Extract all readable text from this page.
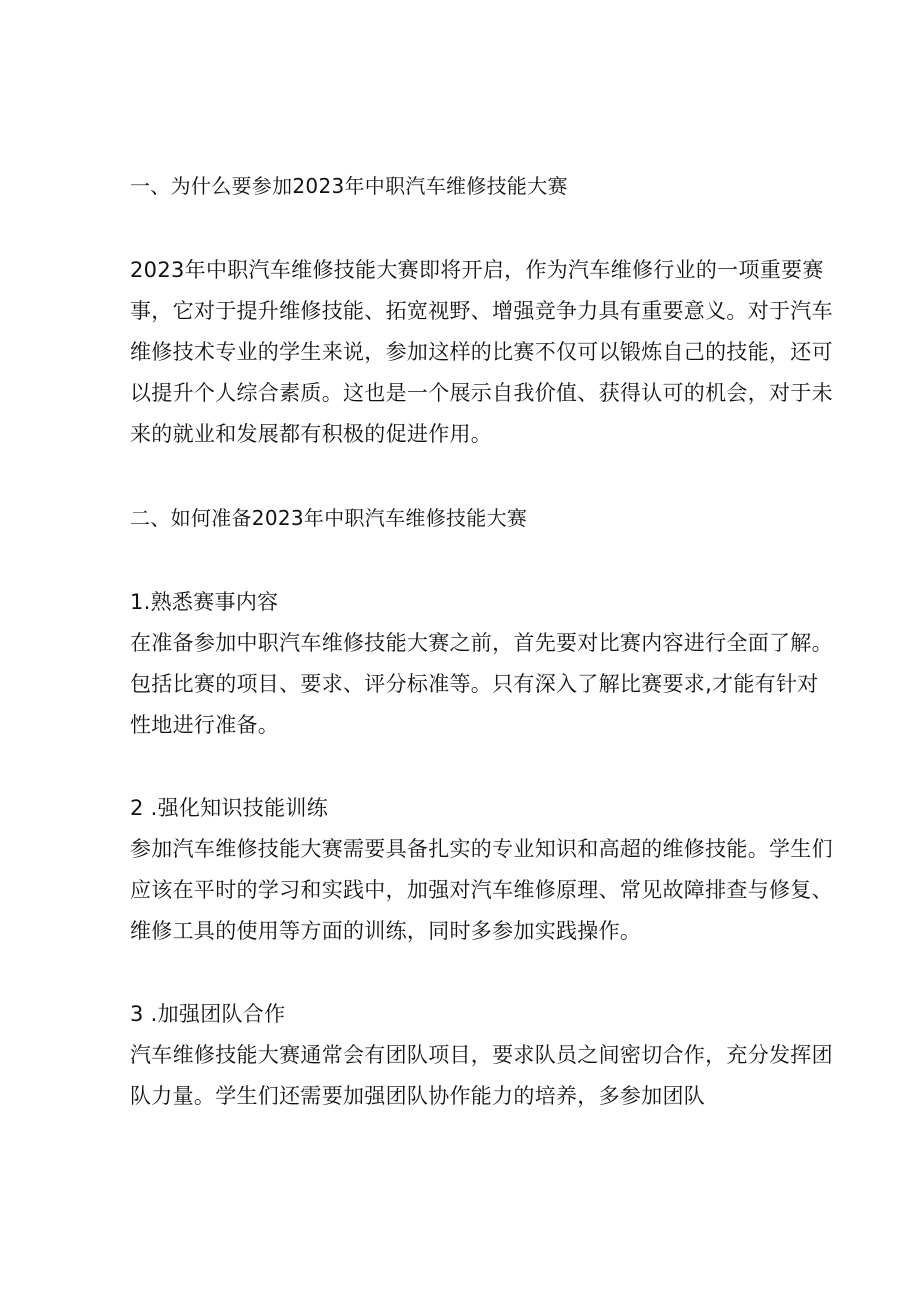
一、为什么要参加2023年中职汽车维修技能大赛

2023年中职汽车维修技能大赛即将开启，作为汽车维修行业的一项重要赛

事，它对于提升维修技能、拓宽视野、增强竞争力具有重要意义。对于汽车

维修技术专业的学生来说，参加这样的比赛不仅可以锻炼自己的技能，还可

以提升个人综合素质。这也是一个展示自我价值、获得认可的机会，对于未

来的就业和发展都有积极的促进作用。

二、如何准备2023年中职汽车维修技能大赛

1.熟悉赛事内容

在准备参加中职汽车维修技能大赛之前，首先要对比赛内容进行全面了解。

包括比赛的项目、要求、评分标准等。只有深入了解比赛要求,才能有针对

性地进行准备。

2 .强化知识技能训练

参加汽车维修技能大赛需要具备扎实的专业知识和高超的维修技能。学生们

应该在平时的学习和实践中，加强对汽车维修原理、常见故障排查与修复、

维修工具的使用等方面的训练，同时多参加实践操作。

3 .加强团队合作

汽车维修技能大赛通常会有团队项目，要求队员之间密切合作，充分发挥团

队力量。学生们还需要加强团队协作能力的培养，多参加团队
